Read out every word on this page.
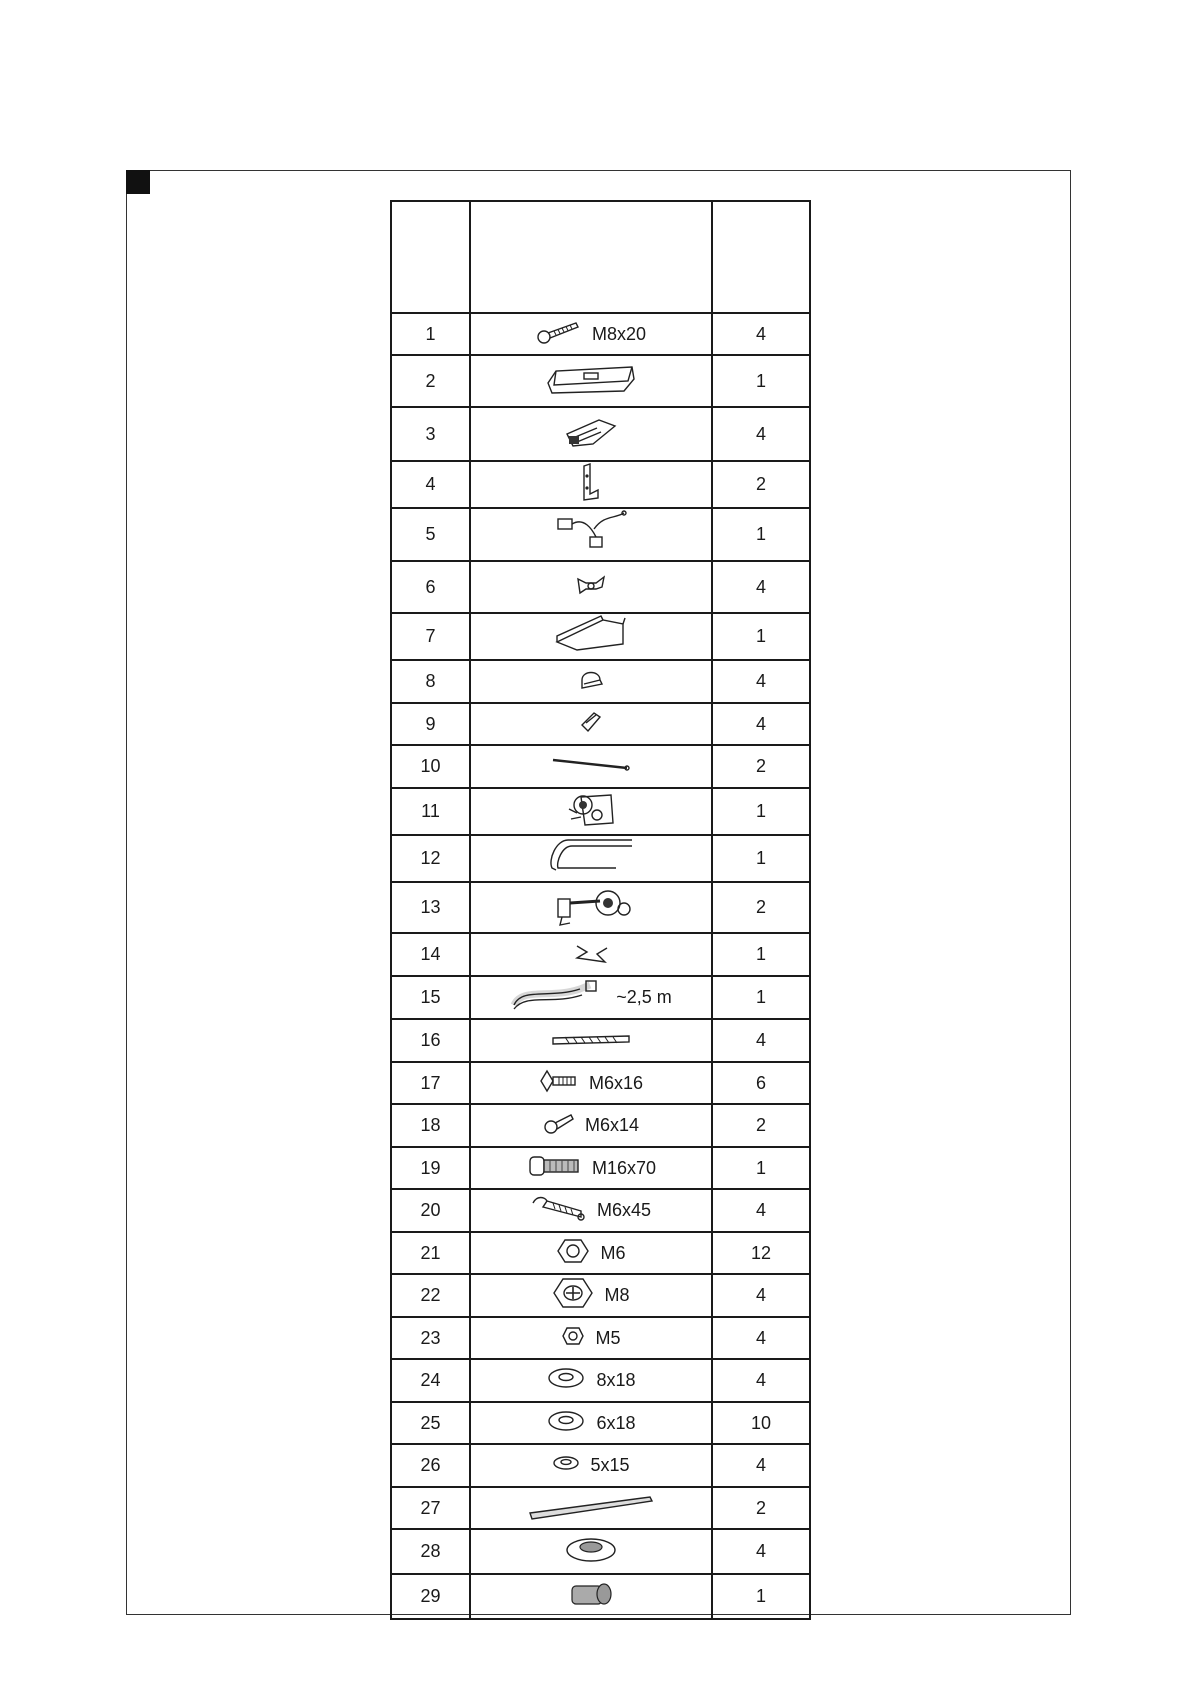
1	M8x20	4
2		1
3		4
4		2
5		1
6		4
7		1
8		4
9		4
10		2
11		1
12		1
13		2
14		1
15	~2,5 m	1
16		4
17	M6x16	6
18	M6x14	2
19	M16x70	1
20	M6x45	4
21	M6	12
22	M8	4
23	M5	4
24	8x18	4
25	6x18	10
26	5x15	4
27		2
28		4
29		1
